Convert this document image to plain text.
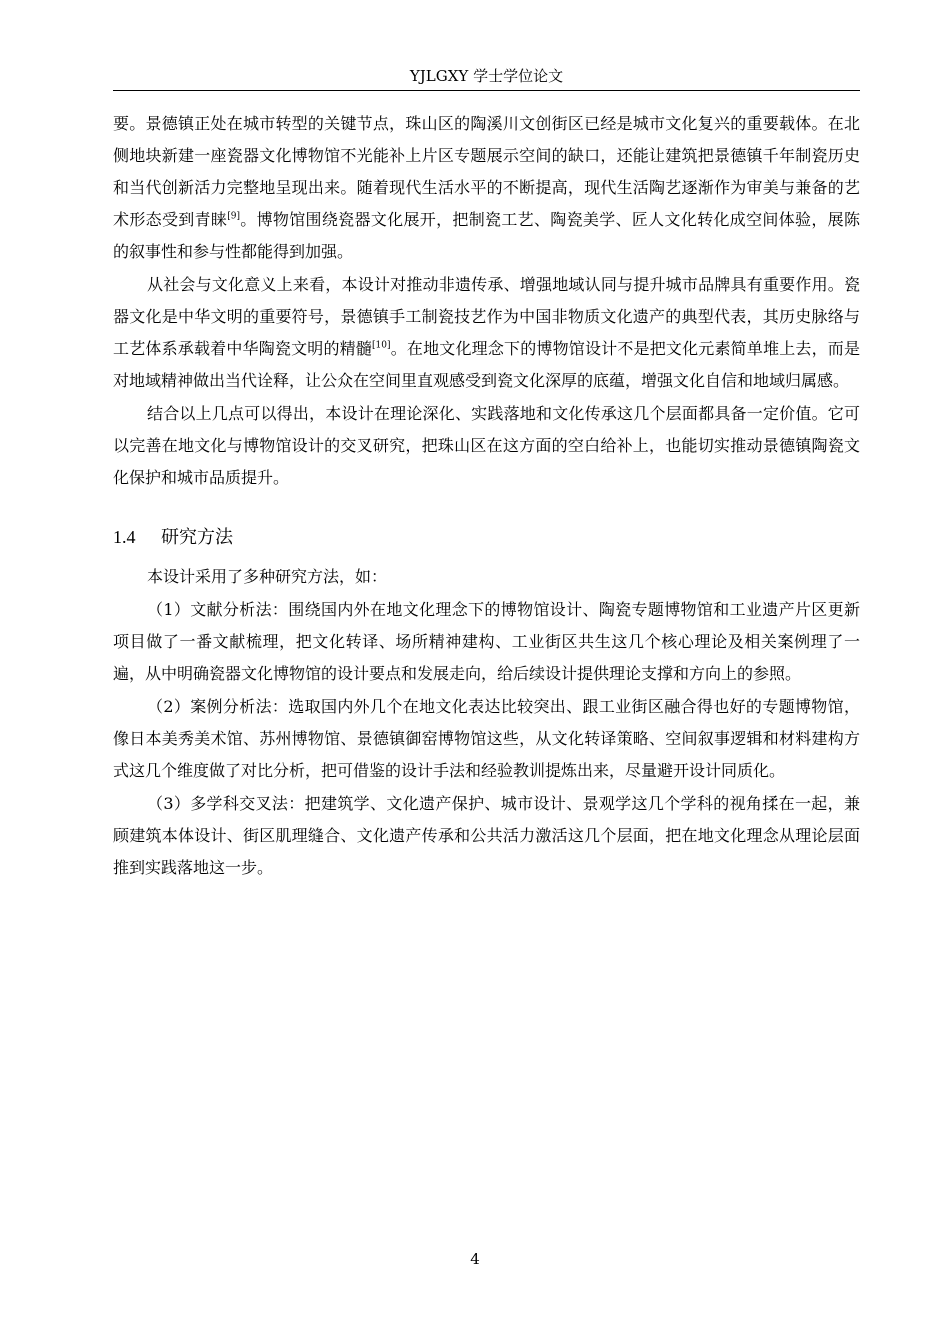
YJLGXY 学士学位论文

要。景德镇正处在城市转型的关键节点，珠山区的陶溪川文创街区已经是城市文化复兴的重要载体。在北侧地块新建一座瓷器文化博物馆不光能补上片区专题展示空间的缺口，还能让建筑把景德镇千年制瓷历史和当代创新活力完整地呈现出来。随着现代生活水平的不断提高，现代生活陶艺逐渐作为审美与兼备的艺术形态受到青睐[9]。博物馆围绕瓷器文化展开，把制瓷工艺、陶瓷美学、匠人文化转化成空间体验，展陈的叙事性和参与性都能得到加强。

从社会与文化意义上来看，本设计对推动非遗传承、增强地域认同与提升城市品牌具有重要作用。瓷器文化是中华文明的重要符号，景德镇手工制瓷技艺作为中国非物质文化遗产的典型代表，其历史脉络与工艺体系承载着中华陶瓷文明的精髓[10]。在地文化理念下的博物馆设计不是把文化元素简单堆上去，而是对地域精神做出当代诠释，让公众在空间里直观感受到瓷文化深厚的底蕴，增强文化自信和地域归属感。

结合以上几点可以得出，本设计在理论深化、实践落地和文化传承这几个层面都具备一定价值。它可以完善在地文化与博物馆设计的交叉研究，把珠山区在这方面的空白给补上，也能切实推动景德镇陶瓷文化保护和城市品质提升。

1.4 研究方法

本设计采用了多种研究方法，如：

（1）文献分析法：围绕国内外在地文化理念下的博物馆设计、陶瓷专题博物馆和工业遗产片区更新项目做了一番文献梳理，把文化转译、场所精神建构、工业街区共生这几个核心理论及相关案例理了一遍，从中明确瓷器文化博物馆的设计要点和发展走向，给后续设计提供理论支撑和方向上的参照。

（2）案例分析法：选取国内外几个在地文化表达比较突出、跟工业街区融合得也好的专题博物馆，像日本美秀美术馆、苏州博物馆、景德镇御窑博物馆这些，从文化转译策略、空间叙事逻辑和材料建构方式这几个维度做了对比分析，把可借鉴的设计手法和经验教训提炼出来，尽量避开设计同质化。

（3）多学科交叉法：把建筑学、文化遗产保护、城市设计、景观学这几个学科的视角揉在一起，兼顾建筑本体设计、街区肌理缝合、文化遗产传承和公共活力激活这几个层面，把在地文化理念从理论层面推到实践落地这一步。

4
